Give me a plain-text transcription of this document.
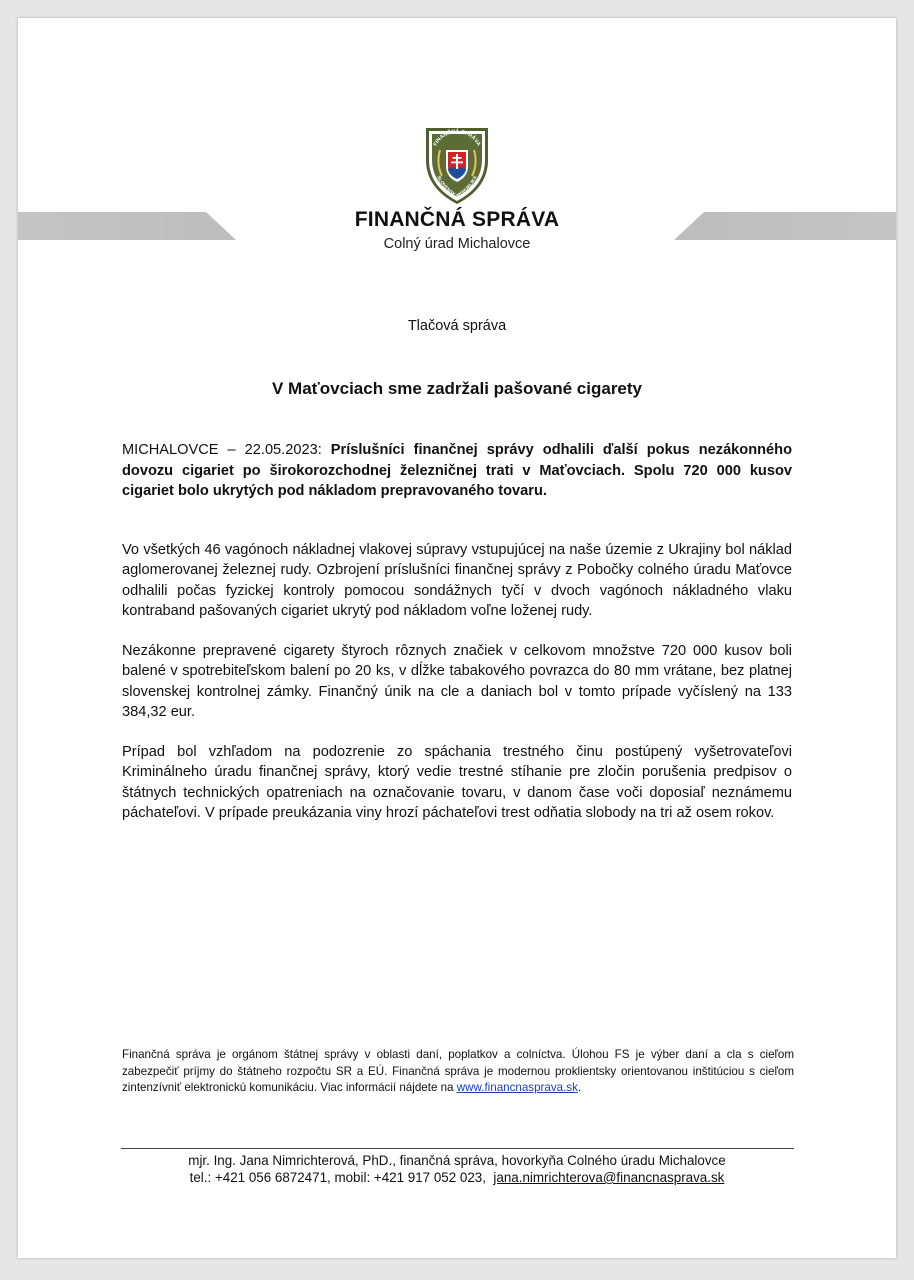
FINANČNÁ SPRÁVA
SLOVENSKÁ REPUBLIKA
FINANČNÁ SPRÁVA
Colný úrad Michalovce
Tlačová správa
V Maťovciach sme zadržali pašované cigarety

MICHALOVCE – 22.05.2023: Príslušníci finančnej správy odhalili ďalší pokus nezákonného dovozu cigariet po širokorozchodnej železničnej trati v Maťovciach. Spolu 720 000 kusov cigariet bolo ukrytých pod nákladom prepravovaného tovaru.

Vo všetkých 46 vagónoch nákladnej vlakovej súpravy vstupujúcej na naše územie z Ukrajiny bol náklad aglomerovanej železnej rudy. Ozbrojení príslušníci finančnej správy z Pobočky colného úradu Maťovce odhalili počas fyzickej kontroly pomocou sondážnych tyčí v dvoch vagónoch nákladného vlaku kontraband pašovaných cigariet ukrytý pod nákladom voľne loženej rudy.

Nezákonne prepravené cigarety štyroch rôznych značiek v celkovom množstve 720 000 kusov boli balené v spotrebiteľskom balení po 20 ks, v dĺžke tabakového povrazca do 80 mm vrátane, bez platnej slovenskej kontrolnej zámky. Finančný únik na cle a daniach bol v tomto prípade vyčíslený na 133 384,32 eur.

Prípad bol vzhľadom na podozrenie zo spáchania trestného činu postúpený vyšetrovateľovi Kriminálneho úradu finančnej správy, ktorý vedie trestné stíhanie pre zločin porušenia predpisov o štátnych technických opatreniach na označovanie tovaru, v danom čase voči doposiaľ neznámemu páchateľovi. V prípade preukázania viny hrozí páchateľovi trest odňatia slobody na tri až osem rokov.

Finančná správa je orgánom štátnej správy v oblasti daní, poplatkov a colníctva. Úlohou FS je výber daní a cla s cieľom zabezpečiť príjmy do štátneho rozpočtu SR a EÚ. Finančná správa je modernou proklientsky orientovanou inštitúciou s cieľom zintenzívniť elektronickú komunikáciu. Viac informácií nájdete na www.financnasprava.sk.
mjr. Ing. Jana Nimrichterová, PhD., finančná správa, hovorkyňa Colného úradu Michalovce
tel.: +421 056 6872471, mobil: +421 917 052 023, jana.nimrichterova@financnasprava.sk
